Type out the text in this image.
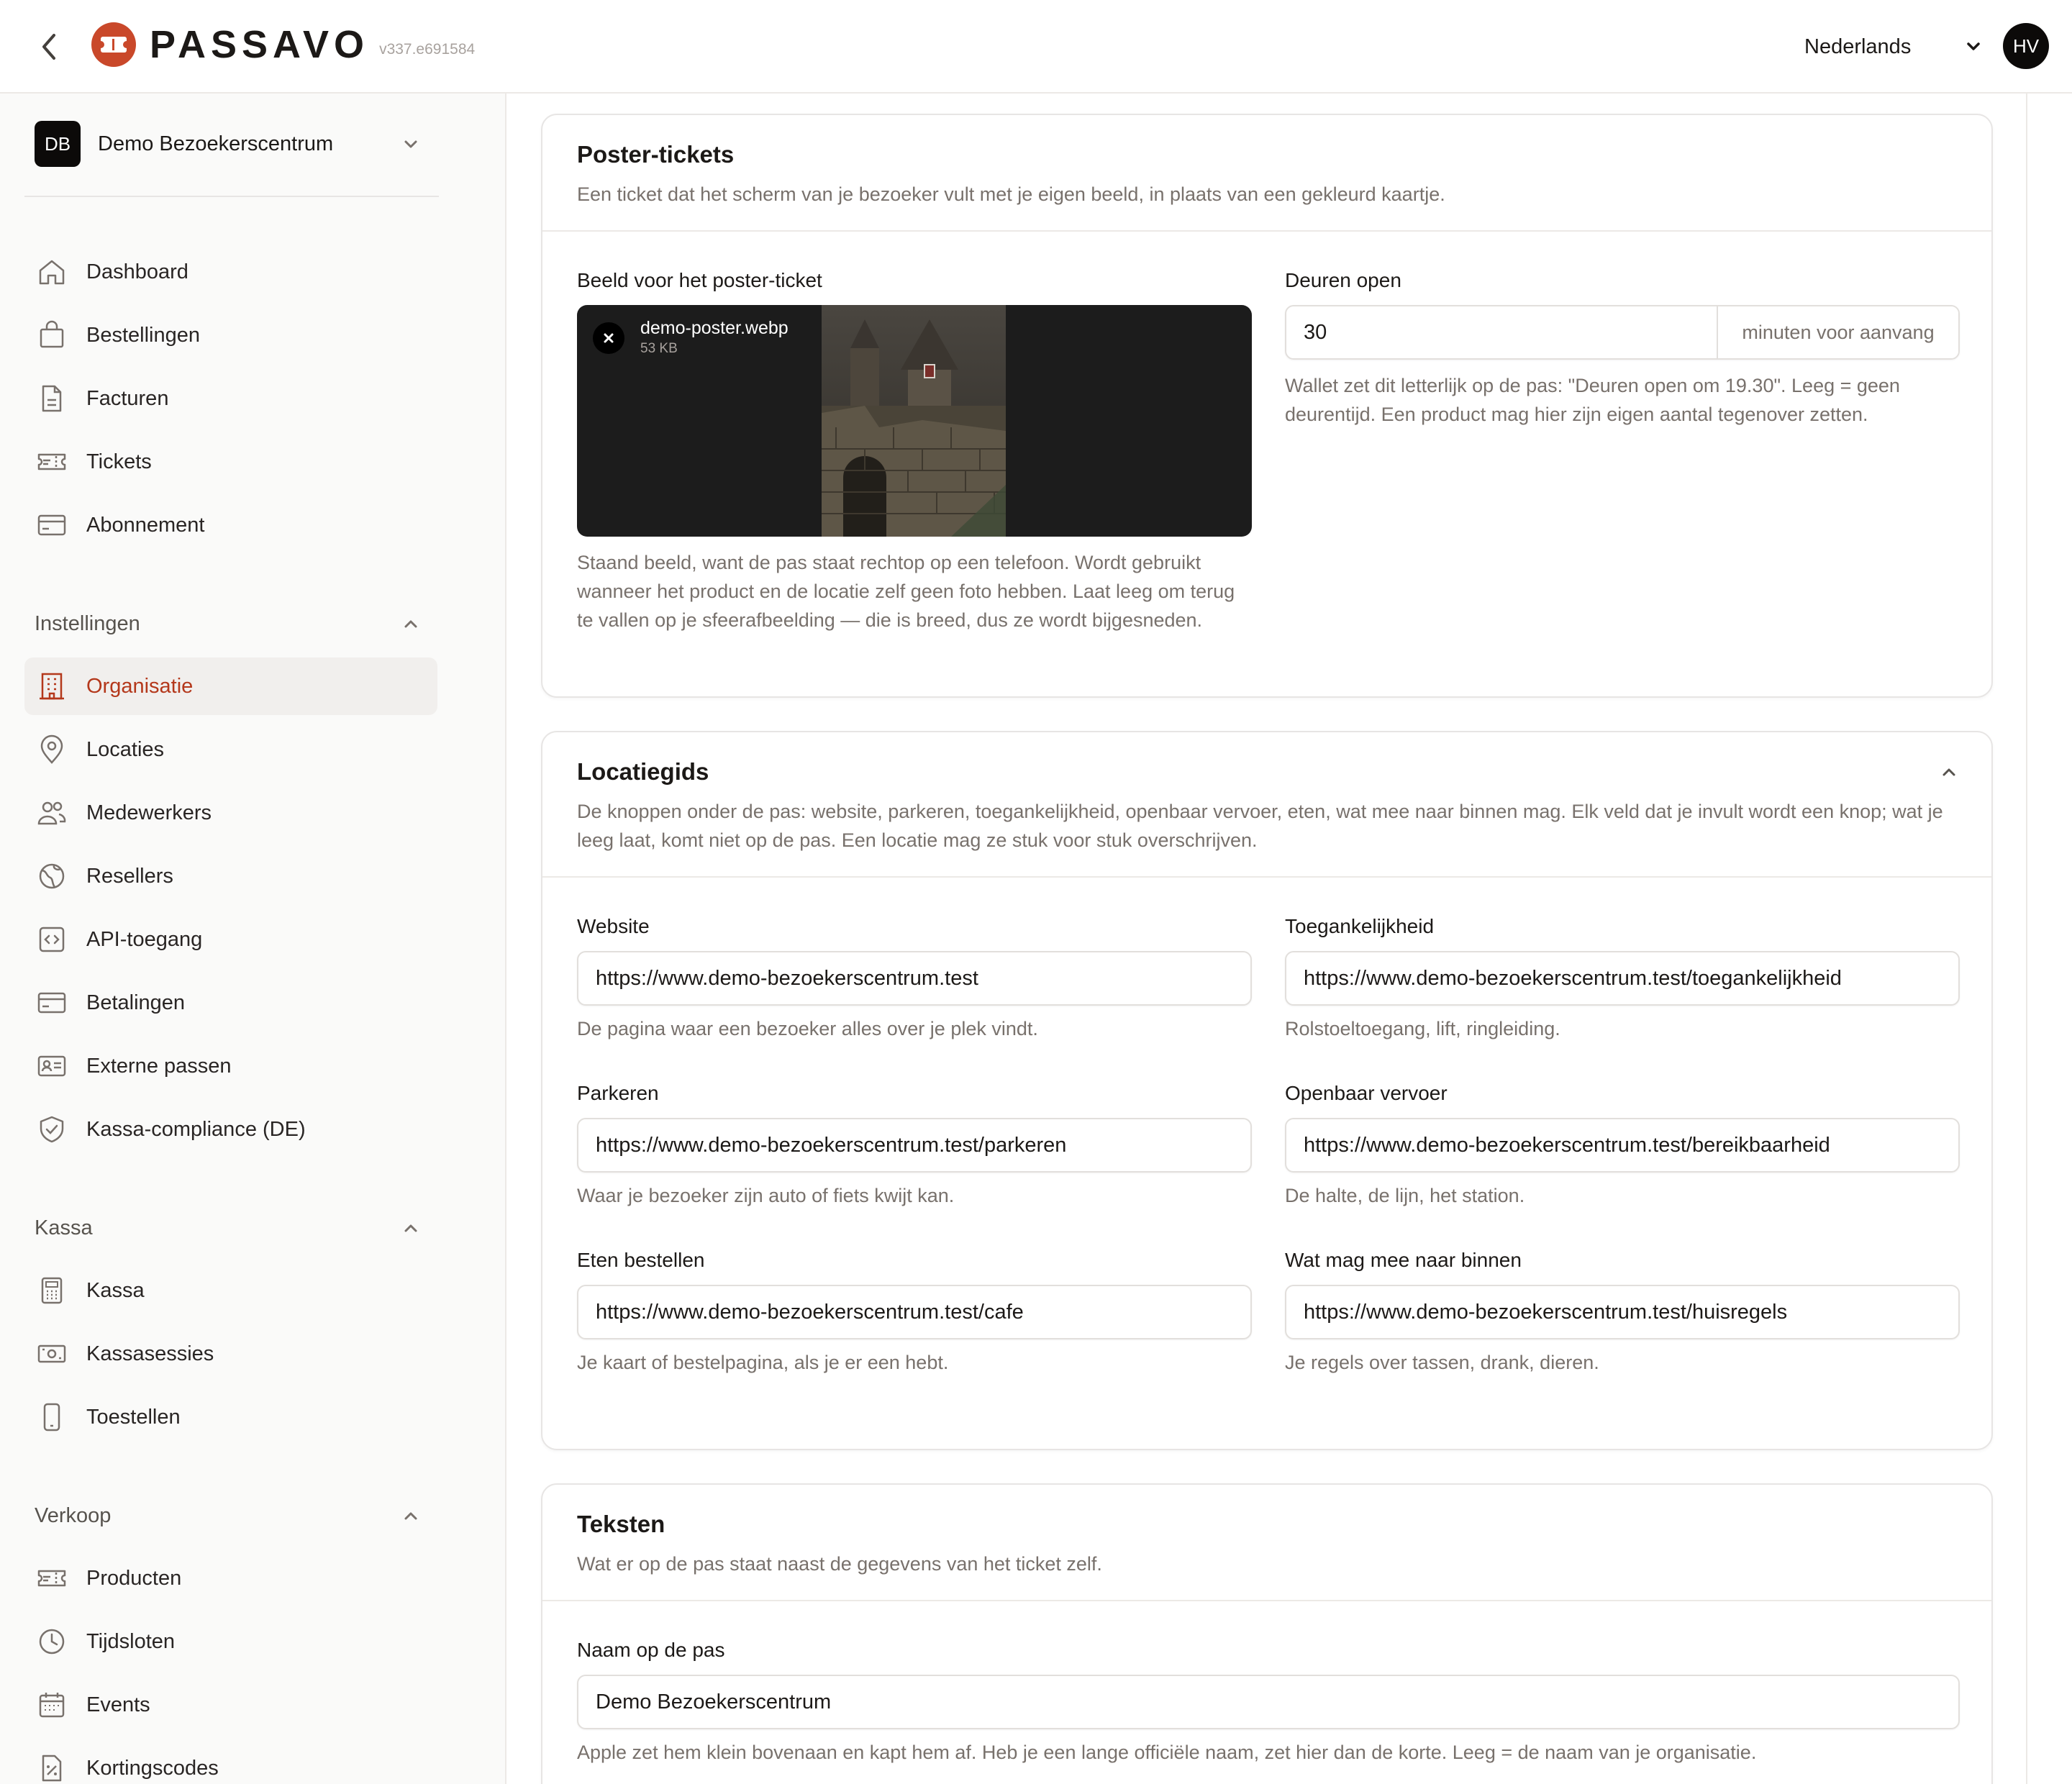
PASSAVO v337.e691584	Nederlands	HV
DB	Demo Bezoekerscentrum
Dashboard
Bestellingen
Facturen
Tickets
Abonnement
Instellingen
Organisatie
Locaties
Medewerkers
Resellers
API-toegang
Betalingen
Externe passen
Kassa-compliance (DE)
Kassa
Kassa
Kassasessies
Toestellen
Verkoop
Producten
Tijdsloten
Events
Kortingscodes
Poster-tickets
Een ticket dat het scherm van je bezoeker vult met je eigen beeld, in plaats van een gekleurd kaartje.
Beeld voor het poster-ticket
demo-poster.webp
53 KB
Staand beeld, want de pas staat rechtop op een telefoon. Wordt gebruikt wanneer het product en de locatie zelf geen foto hebben. Laat leeg om terug te vallen op je sfeerafbeelding — die is breed, dus ze wordt bijgesneden.
Deuren open
30	minuten voor aanvang
Wallet zet dit letterlijk op de pas: "Deuren open om 19.30". Leeg = geen deurentijd. Een product mag hier zijn eigen aantal tegenover zetten.
Locatiegids
De knoppen onder de pas: website, parkeren, toegankelijkheid, openbaar vervoer, eten, wat mee naar binnen mag. Elk veld dat je invult wordt een knop; wat je leeg laat, komt niet op de pas. Een locatie mag ze stuk voor stuk overschrijven.
Website
https://www.demo-bezoekerscentrum.test
De pagina waar een bezoeker alles over je plek vindt.
Toegankelijkheid
https://www.demo-bezoekerscentrum.test/toegankelijkheid
Rolstoeltoegang, lift, ringleiding.
Parkeren
https://www.demo-bezoekerscentrum.test/parkeren
Waar je bezoeker zijn auto of fiets kwijt kan.
Openbaar vervoer
https://www.demo-bezoekerscentrum.test/bereikbaarheid
De halte, de lijn, het station.
Eten bestellen
https://www.demo-bezoekerscentrum.test/cafe
Je kaart of bestelpagina, als je er een hebt.
Wat mag mee naar binnen
https://www.demo-bezoekerscentrum.test/huisregels
Je regels over tassen, drank, dieren.
Teksten
Wat er op de pas staat naast de gegevens van het ticket zelf.
Naam op de pas
Demo Bezoekerscentrum
Apple zet hem klein bovenaan en kapt hem af. Heb je een lange officiële naam, zet hier dan de korte. Leeg = de naam van je organisatie.
